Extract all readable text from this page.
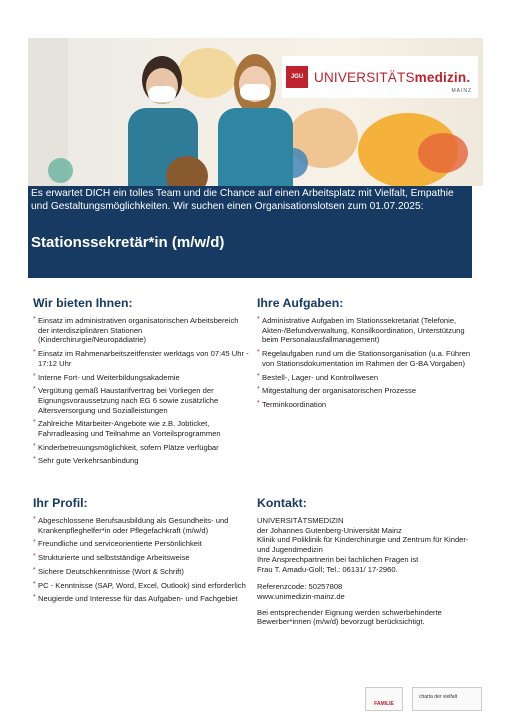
JGU UNIVERSITÄTSmedizin.
MAINZ
Es erwartet DICH ein tolles Team und die Chance auf einen Arbeitsplatz mit Vielfalt, Empathie und Gestaltungsmöglichkeiten. Wir suchen einen Organisationslotsen zum 01.07.2025:
Stationssekretär*in (m/w/d)
Wir bieten Ihnen:
* Einsatz im administrativen organisatorischen Arbeitsbereich der interdisziplinären Stationen (Kinderchirurgie/Neuropädiatrie)
* Einsatz im Rahmenarbeitszeitfenster werktags von 07:45 Uhr - 17:12 Uhr
* Interne Fort- und Weiterbildungsakademie
* Vergütung gemäß Haustarifvertrag bei Vorliegen der Eignungsvoraussetzung nach EG 6 sowie zusätzliche Altersversorgung und Sozialleistungen
* Zahlreiche Mitarbeiter-Angebote wie z.B. Jobticket, Fahrradleasing und Teilnahme an Vorteilsprogrammen
* Kinderbetreuungsmöglichkeit, sofern Plätze verfügbar
* Sehr gute Verkehrsanbindung
Ihre Aufgaben:
* Administrative Aufgaben im Stationssekretariat (Telefonie, Akten-/Befundverwaltung, Konsilkoordination, Unterstützung beim Personalausfallmanagement)
* Regelaufgaben rund um die Stationsorganisation (u.a. Führen von Stationsdokumentation im Rahmen der G-BA Vorgaben)
* Bestell-, Lager- und Kontrollwesen
* Mitgestaltung der organisatorischen Prozesse
* Terminkoordination
Ihr Profil:
* Abgeschlossene Berufsausbildung als Gesundheits- und Krankenpfleghelfer*in oder Pflegefachkraft (m/w/d)
* Freundliche und serviceorientierte Persönlichkeit
* Strukturierte und selbstständige Arbeitsweise
* Sichere Deutschkenntnisse (Wort & Schrift)
* PC - Kenntnisse (SAP, Word, Excel, Outlook) sind erforderlich
* Neugierde und Interesse für das Aufgaben- und Fachgebiet
Kontakt:

UNIVERSITÄTSMEDIZIN

der Johannes Gutenberg-Universität Mainz

Klinik und Poliklinik für Kinderchirurgie und Zentrum für Kinder- und Jugendmedizin

Ihre Ansprechpartnerin bei fachlichen Fragen ist

Frau T. Amadu-Goll; Tel.: 06131/ 17-2960.

Referenzcode: 50257808

www.unimedizin-mainz.de

Bei entsprechender Eignung werden schwerbehinderte Bewerber*innen (m/w/d) bevorzugt berücksichtigt.

FAMILIE
charta der vielfalt
